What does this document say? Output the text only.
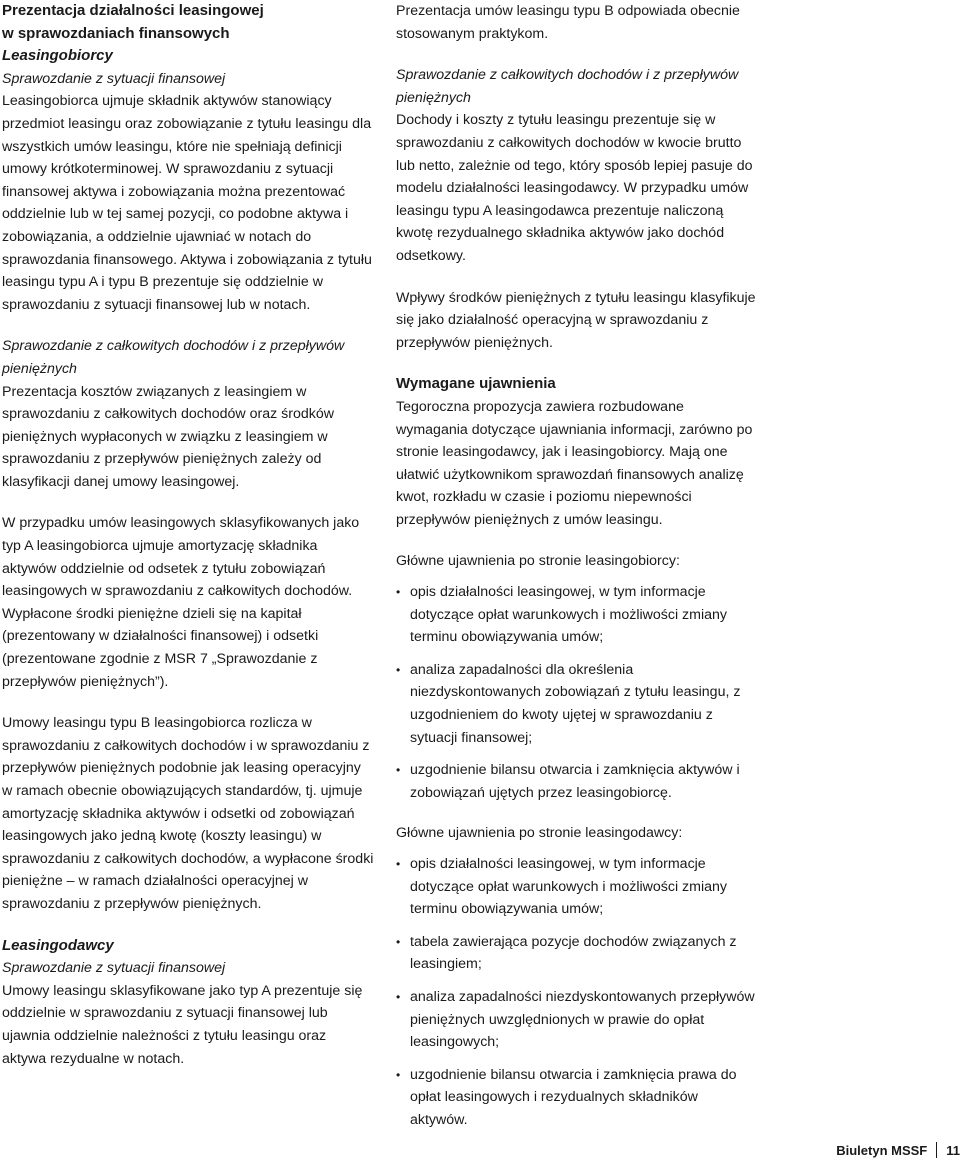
Prezentacja działalności leasingowej

w sprawozdaniach finansowych

Leasingobiorcy

Sprawozdanie z sytuacji finansowej

Leasingobiorca ujmuje składnik aktywów stanowiący przedmiot leasingu oraz zobowiązanie z tytułu leasingu dla wszystkich umów leasingu, które nie spełniają definicji umowy krótkoterminowej. W sprawozdaniu z sytuacji finansowej aktywa i zobowiązania można prezentować oddzielnie lub w tej samej pozycji, co podobne aktywa i zobowiązania, a oddzielnie ujawniać w notach do sprawozdania finansowego. Aktywa i zobowiązania z tytułu leasingu typu A i typu B prezentuje się oddzielnie w sprawozdaniu z sytuacji finansowej lub w notach.

Sprawozdanie z całkowitych dochodów i z przepływów pieniężnych

Prezentacja kosztów związanych z leasingiem w sprawozdaniu z całkowitych dochodów oraz środków pieniężnych wypłaconych w związku z leasingiem w sprawozdaniu z przepływów pieniężnych zależy od klasyfikacji danej umowy leasingowej.

W przypadku umów leasingowych sklasyfikowanych jako typ A leasingobiorca ujmuje amortyzację składnika aktywów oddzielnie od odsetek z tytułu zobowiązań leasingowych w sprawozdaniu z całkowitych dochodów. Wypłacone środki pieniężne dzieli się na kapitał (prezentowany w działalności finansowej) i odsetki (prezentowane zgodnie z MSR 7 „Sprawozdanie z przepływów pieniężnych”).

Umowy leasingu typu B leasingobiorca rozlicza w sprawozdaniu z całkowitych dochodów i w sprawozdaniu z przepływów pieniężnych podobnie jak leasing operacyjny w ramach obecnie obowiązujących standardów, tj. ujmuje amortyzację składnika aktywów i odsetki od zobowiązań leasingowych jako jedną kwotę (koszty leasingu) w sprawozdaniu z całkowitych dochodów, a wypłacone środki pieniężne – w ramach działalności operacyjnej w sprawozdaniu z przepływów pieniężnych.

Leasingodawcy

Sprawozdanie z sytuacji finansowej

Umowy leasingu sklasyfikowane jako typ A prezentuje się oddzielnie w sprawozdaniu z sytuacji finansowej lub ujawnia oddzielnie należności z tytułu leasingu oraz aktywa rezydualne w notach.

Prezentacja umów leasingu typu B odpowiada obecnie stosowanym praktykom.

Sprawozdanie z całkowitych dochodów i z przepływów pieniężnych

Dochody i koszty z tytułu leasingu prezentuje się w sprawozdaniu z całkowitych dochodów w kwocie brutto lub netto, zależnie od tego, który sposób lepiej pasuje do modelu działalności leasingodawcy. W przypadku umów leasingu typu A leasingodawca prezentuje naliczoną kwotę rezydualnego składnika aktywów jako dochód odsetkowy.

Wpływy środków pieniężnych z tytułu leasingu klasyfikuje się jako działalność operacyjną w sprawozdaniu z przepływów pieniężnych.

Wymagane ujawnienia

Tegoroczna propozycja zawiera rozbudowane wymagania dotyczące ujawniania informacji, zarówno po stronie leasingodawcy, jak i leasingobiorcy. Mają one ułatwić użytkownikom sprawozdań finansowych analizę kwot, rozkładu w czasie i poziomu niepewności przepływów pieniężnych z umów leasingu.

Główne ujawnienia po stronie leasingobiorcy:

• opis działalności leasingowej, w tym informacje dotyczące opłat warunkowych i możliwości zmiany terminu obowiązywania umów;
• analiza zapadalności dla określenia niezdyskontowanych zobowiązań z tytułu leasingu, z uzgodnieniem do kwoty ujętej w sprawozdaniu z sytuacji finansowej;
• uzgodnienie bilansu otwarcia i zamknięcia aktywów i zobowiązań ujętych przez leasingobiorcę.

Główne ujawnienia po stronie leasingodawcy:

• opis działalności leasingowej, w tym informacje dotyczące opłat warunkowych i możliwości zmiany terminu obowiązywania umów;
• tabela zawierająca pozycje dochodów związanych z leasingiem;
• analiza zapadalności niezdyskontowanych przepływów pieniężnych uwzględnionych w prawie do opłat leasingowych;
• uzgodnienie bilansu otwarcia i zamknięcia prawa do opłat leasingowych i rezydualnych składników aktywów.
Biuletyn MSSF 11
